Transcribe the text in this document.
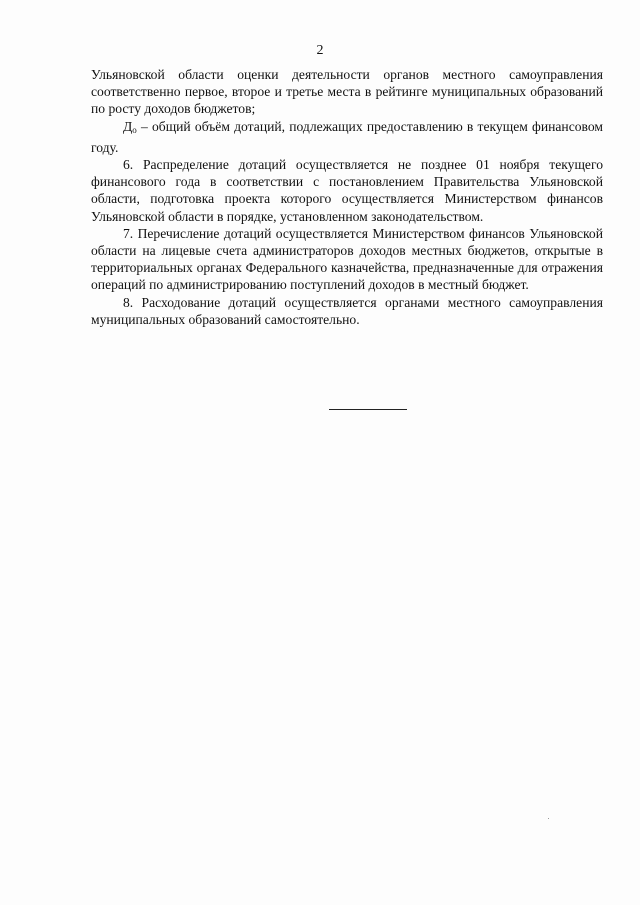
2

Ульяновской области оценки деятельности органов местного самоуправления соответственно первое, второе и третье места в рейтинге муниципальных образований по росту доходов бюджетов;

До – общий объём дотаций, подлежащих предоставлению в текущем финансовом году.

6. Распределение дотаций осуществляется не позднее 01 ноября текущего финансового года в соответствии с постановлением Правительства Ульяновской области, подготовка проекта которого осуществляется Министерством финансов Ульяновской области в порядке, установленном законодательством.

7. Перечисление дотаций осуществляется Министерством финансов Ульяновской области на лицевые счета администраторов доходов местных бюджетов, открытые в территориальных органах Федерального казначейства, предназначенные для отражения операций по администрированию поступлений доходов в местный бюджет.

8. Расходование дотаций осуществляется органами местного самоуправления муниципальных образований самостоятельно.
